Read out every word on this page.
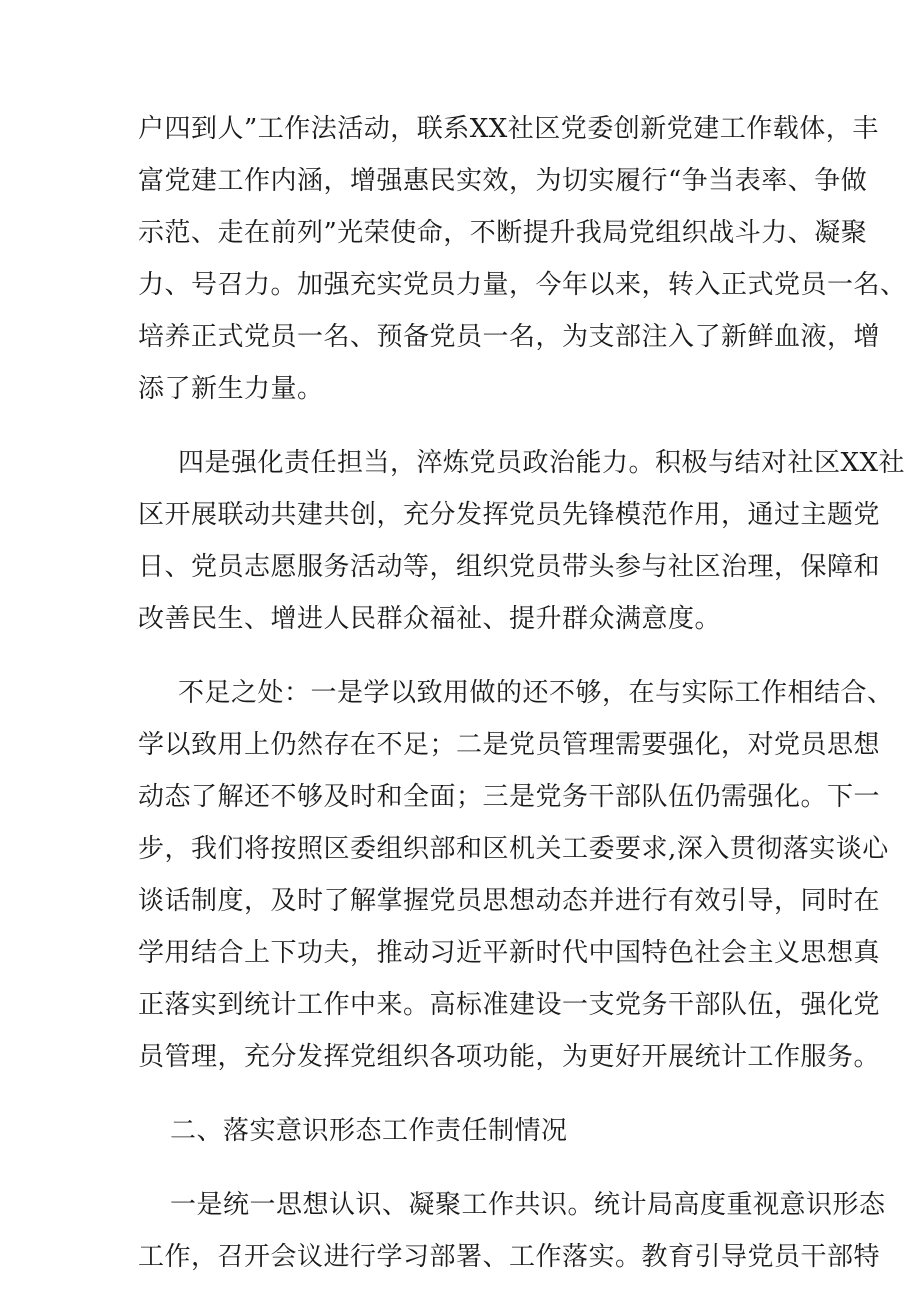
户四到人”工作法活动，联系XX社区党委创新党建工作载体，丰
富党建工作内涵，增强惠民实效，为切实履行“争当表率、争做
示范、走在前列”光荣使命，不断提升我局党组织战斗力、凝聚
力、号召力。加强充实党员力量，今年以来，转入正式党员一名、
培养正式党员一名、预备党员一名，为支部注入了新鲜血液，增
添了新生力量。
四是强化责任担当，淬炼党员政治能力。积极与结对社区XX社
区开展联动共建共创，充分发挥党员先锋模范作用，通过主题党
日、党员志愿服务活动等，组织党员带头参与社区治理，保障和
改善民生、增进人民群众福祉、提升群众满意度。
不足之处：一是学以致用做的还不够，在与实际工作相结合、
学以致用上仍然存在不足；二是党员管理需要强化，对党员思想
动态了解还不够及时和全面；三是党务干部队伍仍需强化。下一
步，我们将按照区委组织部和区机关工委要求,深入贯彻落实谈心
谈话制度，及时了解掌握党员思想动态并进行有效引导，同时在
学用结合上下功夫，推动习近平新时代中国特色社会主义思想真
正落实到统计工作中来。高标准建设一支党务干部队伍，强化党
员管理，充分发挥党组织各项功能，为更好开展统计工作服务。
二、落实意识形态工作责任制情况
一是统一思想认识、凝聚工作共识。统计局高度重视意识形态
工作，召开会议进行学习部署、工作落实。教育引导党员干部特
